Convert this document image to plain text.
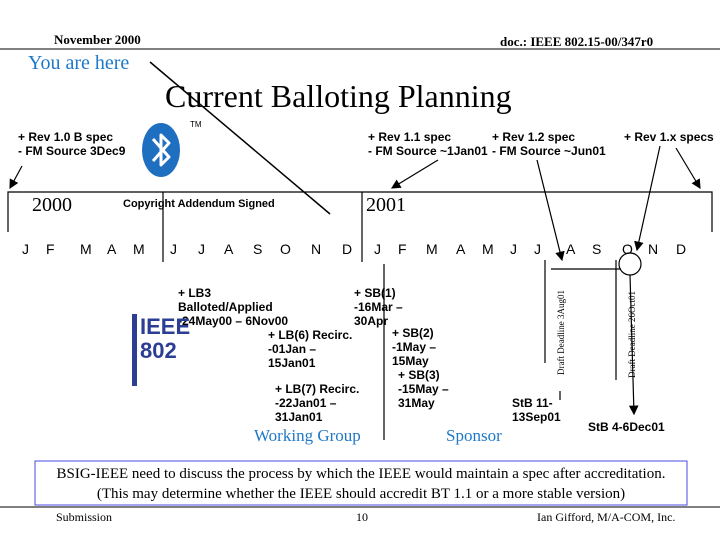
November 2000	doc.: IEEE 802.15-00/347r0
You are here
Current Balloting Planning
TM
+ Rev 1.0 B spec
- FM Source 3Dec9
+ Rev 1.1 spec
- FM Source ~1Jan01
+ Rev 1.2 spec
- FM Source ~Jun01
+ Rev 1.x specs
2000	Copyright Addendum Signed	2001
J F M A M J J A S O N D J F M A M J J A S O N D
+ LB3
Balloted/Applied
-24May00 – 6Nov00
+ LB(6) Recirc.
-01Jan –
15Jan01
+ LB(7) Recirc.
-22Jan01 –
31Jan01
+ SB(1)
-16Mar –
30Apr
+ SB(2)
-1May –
15May
+ SB(3)
-15May –
31May	StB 11-
13Sep01
StB 4-6Dec01
Draft Deadline 3Aug01	Draft Deadline 26Oct01
IEEE
802
Working Group	Sponsor
BSIG-IEEE need to discuss the process by which the IEEE would maintain a spec after accreditation.
(This may determine whether the IEEE should accredit BT 1.1 or a more stable version)
Submission	10	Ian Gifford, M/A-COM, Inc.
